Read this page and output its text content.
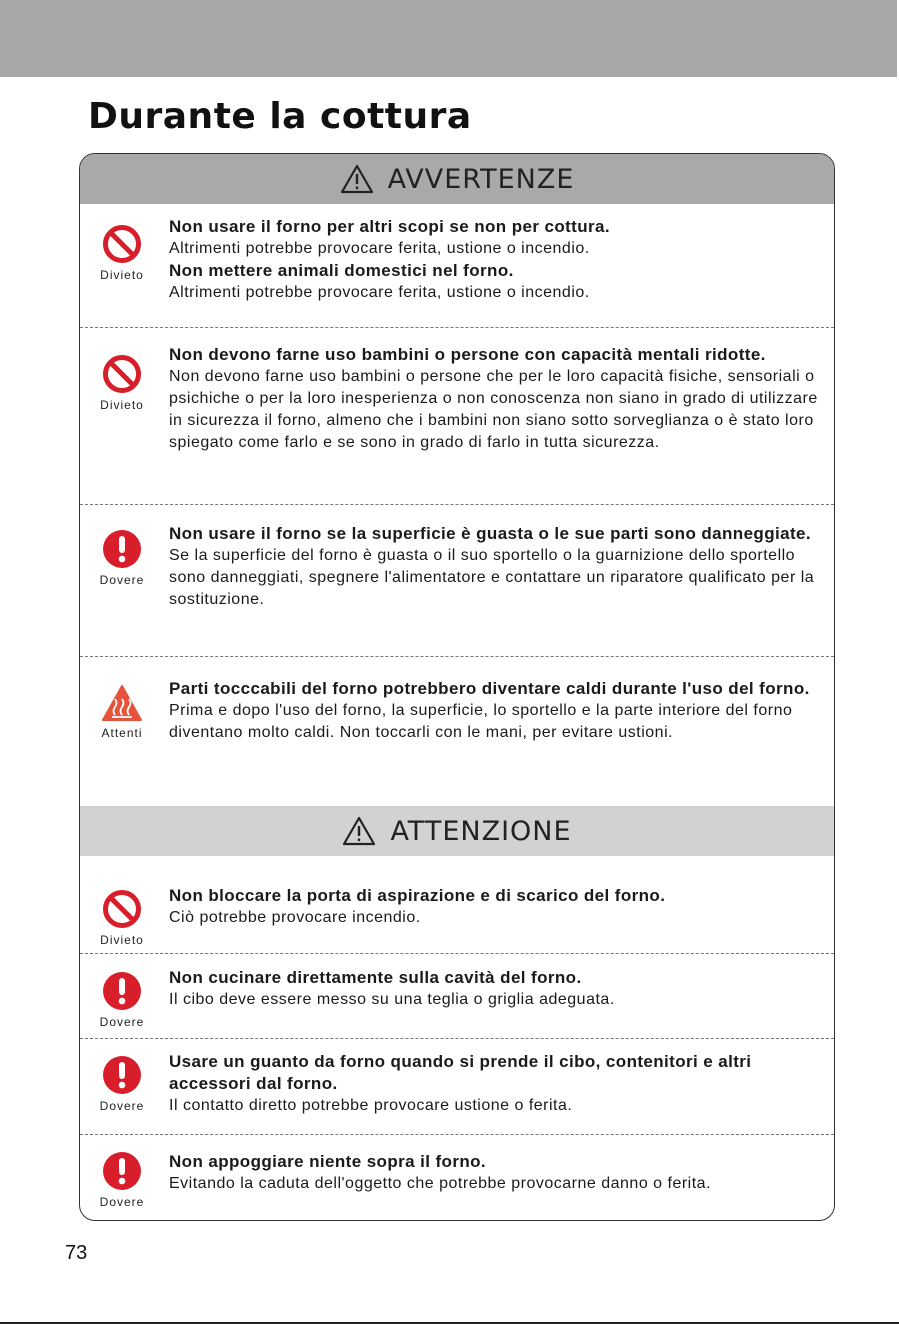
Durante la cottura
AVVERTENZE
Divieto
Non usare il forno per altri scopi se non per cottura.
Altrimenti potrebbe provocare ferita, ustione o incendio.
Non mettere animali domestici nel forno.
Altrimenti potrebbe provocare ferita, ustione o incendio.
Divieto
Non devono farne uso bambini o persone con capacità mentali ridotte.
Non devono farne uso bambini o persone che per le loro capacità fisiche, sensoriali o psichiche o per la loro inesperienza o non conoscenza non siano in grado di utilizzare in sicurezza il forno, almeno che i bambini non siano sotto sorveglianza o è stato loro spiegato come farlo e se sono in grado di farlo in tutta sicurezza.
Dovere
Non usare il forno se la superficie è guasta o le sue parti sono danneggiate.
Se la superficie del forno è guasta o il suo sportello o la guarnizione dello sportello sono danneggiati, spegnere l'alimentatore e contattare un riparatore qualificato per la sostituzione.
Attenti
Parti tocccabili del forno potrebbero diventare caldi durante l'uso del forno.
Prima e dopo l'uso del forno, la superficie, lo sportello e la parte interiore del forno diventano molto caldi. Non toccarli con le mani, per evitare ustioni.
ATTENZIONE
Divieto
Non bloccare la porta di aspirazione e di scarico del forno.
Ciò potrebbe provocare incendio.
Dovere
Non cucinare direttamente sulla cavità del forno.
Il cibo deve essere messo su una teglia o griglia adeguata.
Dovere
Usare un guanto da forno quando si prende il cibo, contenitori e altri accessori dal forno.
Il contatto diretto potrebbe provocare ustione o ferita.
Dovere
Non appoggiare niente sopra il forno.
Evitando la caduta dell'oggetto che potrebbe provocarne danno o ferita.
73
